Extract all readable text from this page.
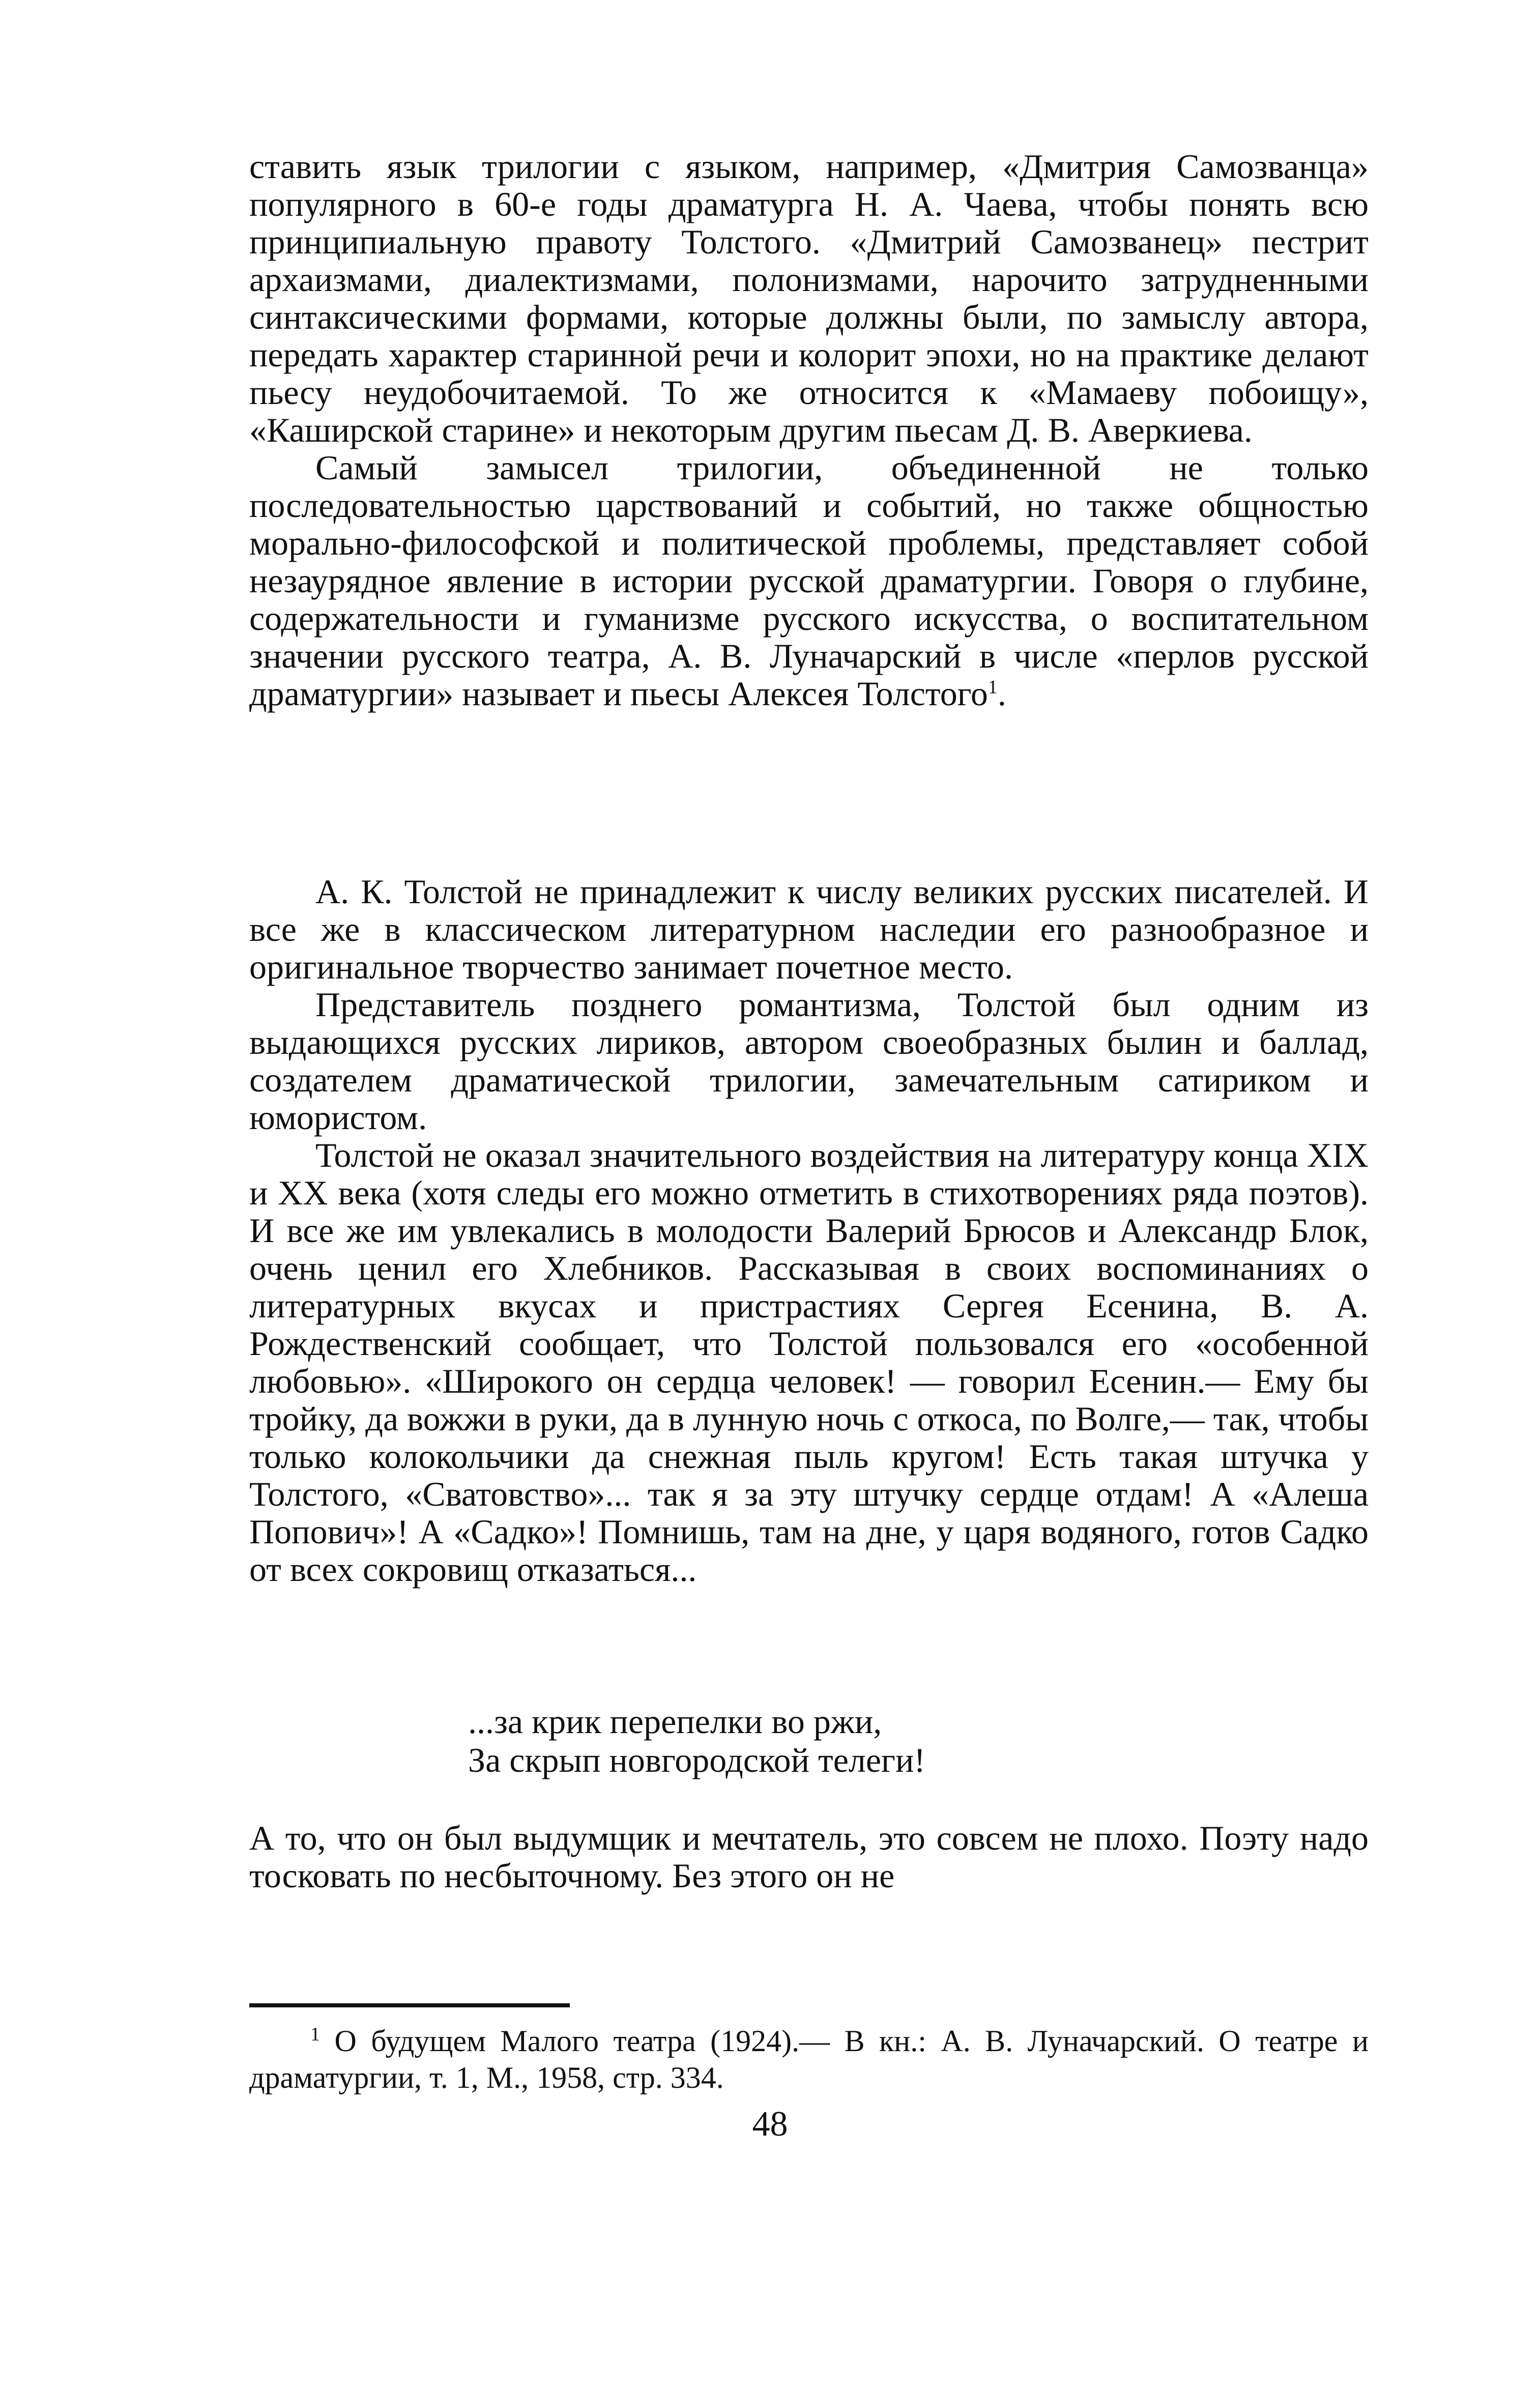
ставить язык трилогии с языком, например, «Дмитрия Самозванца» популярного в 60-е годы драматурга Н. А. Чаева, чтобы понять всю принципиальную правоту Толстого. «Дмитрий Самозванец» пестрит архаизмами, диалектизмами, полонизмами, нарочито затрудненными синтаксическими формами, которые должны были, по замыслу автора, передать характер старинной речи и колорит эпохи, но на практике делают пьесу неудобочитаемой. То же относится к «Мамаеву побоищу», «Каширской старине» и некоторым другим пьесам Д. В. Аверкиева.

Самый замысел трилогии, объединенной не только последовательностью царствований и событий, но также общностью морально-философской и политической проблемы, представляет собой незаурядное явление в истории русской драматургии. Говоря о глубине, содержательности и гуманизме русского искусства, о воспитательном значении русского театра, А. В. Луначарский в числе «перлов русской драматургии» называет и пьесы Алексея Толстого$^1$.

А. К. Толстой не принадлежит к числу великих русских писателей. И все же в классическом литературном наследии его разнообразное и оригинальное творчество занимает почетное место.

Представитель позднего романтизма, Толстой был одним из выдающихся русских лириков, автором своеобразных былин и баллад, создателем драматической трилогии, замечательным сатириком и юмористом.

Толстой не оказал значительного воздействия на литературу конца XIX и XX века (хотя следы его можно отметить в стихотворениях ряда поэтов). И все же им увлекались в молодости Валерий Брюсов и Александр Блок, очень ценил его Хлебников. Рассказывая в своих воспоминаниях о литературных вкусах и пристрастиях Сергея Есенина, В. А. Рождественский сообщает, что Толстой пользовался его «особенной любовью». «Широкого он сердца человек! — говорил Есенин.— Ему бы тройку, да вожжи в руки, да в лунную ночь с откоса, по Волге,— так, чтобы только колокольчики да снежная пыль кругом! Есть такая штучка у Толстого, «Сватовство»... так я за эту штучку сердце отдам! А «Алеша Попович»! А «Садко»! Помнишь, там на дне, у царя водяного, готов Садко от всех сокровищ отказаться...

...за крик перепелки во ржи,
За скрып новгородской телеги!

А то, что он был выдумщик и мечтатель, это совсем не плохо. Поэту надо тосковать по несбыточному. Без этого он не

$^1$ О будущем Малого театра (1924).— В кн.: А. В. Луначарский. О театре и драматургии, т. 1, М., 1958, стр. 334.
48
